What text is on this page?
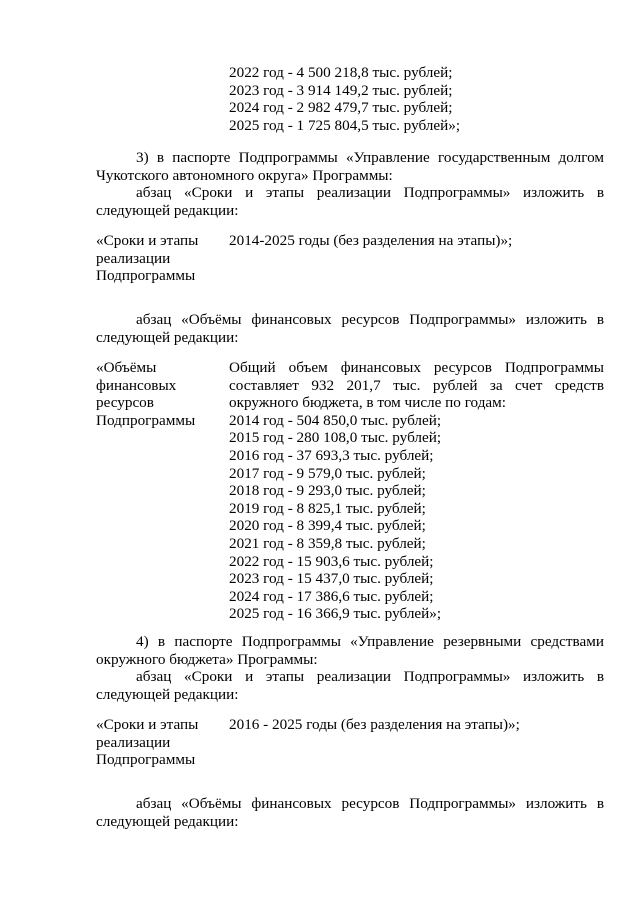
2022 год - 4 500 218,8 тыс. рублей;
2023 год - 3 914 149,2 тыс. рублей;
2024 год - 2 982 479,7 тыс. рублей;
2025 год - 1 725 804,5 тыс. рублей»;
3) в паспорте Подпрограммы «Управление государственным долгом
Чукотского автономного округа» Программы:
абзац «Сроки и этапы реализации Подпрограммы» изложить в
следующей редакции:
«Сроки и этапы
реализации
Подпрограммы
2014-2025 годы (без разделения на этапы)»;
абзац «Объёмы финансовых ресурсов Подпрограммы» изложить в
следующей редакции:
«Объёмы
финансовых
ресурсов
Подпрограммы
Общий объем финансовых ресурсов Подпрограммы
составляет 932 201,7 тыс. рублей за счет средств
окружного бюджета, в том числе по годам:
2014 год - 504 850,0 тыс. рублей;
2015 год - 280 108,0 тыс. рублей;
2016 год - 37 693,3 тыс. рублей;
2017 год - 9 579,0 тыс. рублей;
2018 год - 9 293,0 тыс. рублей;
2019 год - 8 825,1 тыс. рублей;
2020 год - 8 399,4 тыс. рублей;
2021 год - 8 359,8 тыс. рублей;
2022 год - 15 903,6 тыс. рублей;
2023 год - 15 437,0 тыс. рублей;
2024 год - 17 386,6 тыс. рублей;
2025 год - 16 366,9 тыс. рублей»;
4) в паспорте Подпрограммы «Управление резервными средствами
окружного бюджета» Программы:
абзац «Сроки и этапы реализации Подпрограммы» изложить в
следующей редакции:
«Сроки и этапы
реализации
Подпрограммы
2016 - 2025 годы (без разделения на этапы)»;
абзац «Объёмы финансовых ресурсов Подпрограммы» изложить в
следующей редакции:
